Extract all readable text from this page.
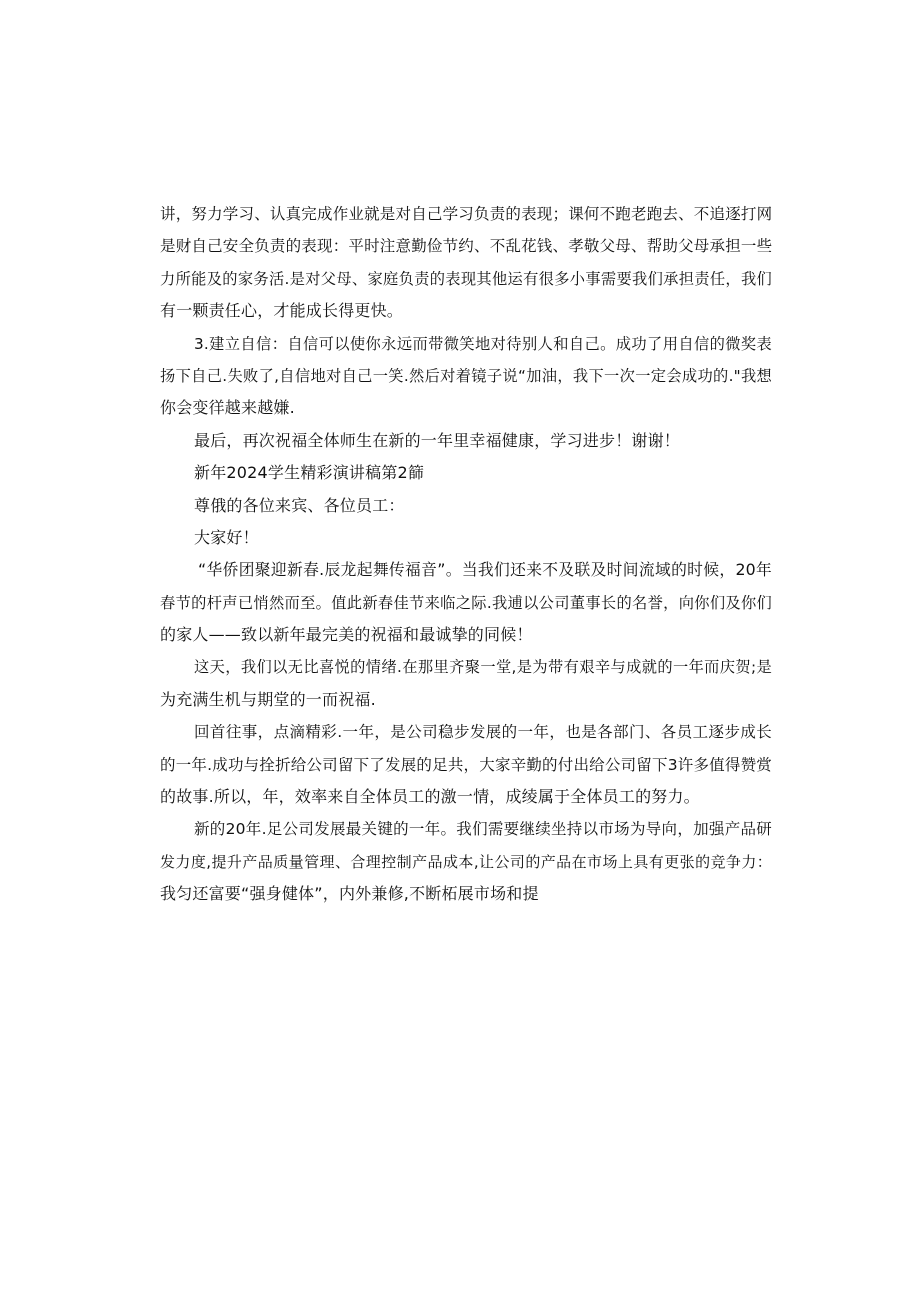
讲，努力学习、认真完成作业就是对自己学习负责的表现；课何不跑老跑去、不追逐打网
是财自己安全负责的表现：平时注意勤俭节约、不乱花钱、孝敬父母、帮助父母承担一些
力所能及的家务活.是对父母、家庭负责的表现其他运有很多小事需要我们承担责任，我们
有一颗责任心，才能成长得更快。
3.建立自信：自信可以使你永远而带微笑地对待别人和自己。成功了用自信的微奖表
扬下自己.失败了,自信地对自己一笑.然后对着镜子说“加油，我下一次一定会成功的."我想
你会变徉越来越嫌.
最后，再次祝福全体师生在新的一年里幸福健康，学习进步！谢谢！
新年2024学生精彩演讲稿第2篩
尊俄的各位来宾、各位员工：
大家好！
“华侨团聚迎新春.辰龙起舞传福音”。当我们还来不及联及时间流域的时候，20年
春节的杆声已悄然而至。值此新春佳节来临之际.我逋以公司董事长的名誉，向你们及你们
的家人——致以新年最完美的祝福和最诚挚的同候！
这天，我们以无比喜悦的情绪.在那里齐聚一堂,是为带有艰辛与成就的一年而庆贺;是
为充满生机与期堂的一而祝福.
回首往事，点滴精彩.一年，是公司稳步发展的一年，也是各部门、各员工逐步成长
的一年.成功与拴折给公司留下了发展的足共，大家辛勤的付出给公司留下3许多值得赞赏
的故事.所以，年，效率来自全体员工的激一情，成绫属于全体员工的努力。
新的20年.足公司发展最关键的一年。我们需要继续坐持以市场为导向，加强产品研
发力度,提升产品质量管理、合理控制产品成本,让公司的产品在市场上具有更张的竞争力：
我匀还富要“强身健体”，内外兼修,不断柘展市场和提
